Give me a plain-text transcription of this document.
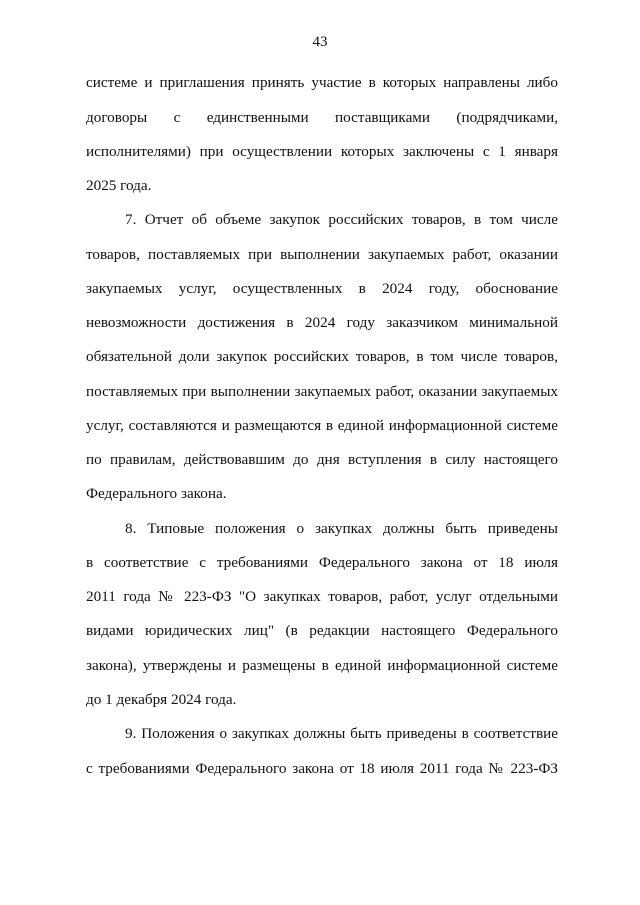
43
системе и приглашения принять участие в которых направлены либо
договоры с единственными поставщиками (подрядчиками,
исполнителями) при осуществлении которых заключены с 1 января
2025 года.
7. Отчет об объеме закупок российских товаров, в том числе
товаров, поставляемых при выполнении закупаемых работ, оказании
закупаемых услуг, осуществленных в 2024 году, обоснование
невозможности достижения в 2024 году заказчиком минимальной
обязательной доли закупок российских товаров, в том числе товаров,
поставляемых при выполнении закупаемых работ, оказании закупаемых
услуг, составляются и размещаются в единой информационной системе
по правилам, действовавшим до дня вступления в силу настоящего
Федерального закона.
8. Типовые положения о закупках должны быть приведены
в соответствие с требованиями Федерального закона от 18 июля
2011 года № 223-ФЗ "О закупках товаров, работ, услуг отдельными
видами юридических лиц" (в редакции настоящего Федерального
закона), утверждены и размещены в единой информационной системе
до 1 декабря 2024 года.
9. Положения о закупках должны быть приведены в соответствие
с требованиями Федерального закона от 18 июля 2011 года № 223-ФЗ
